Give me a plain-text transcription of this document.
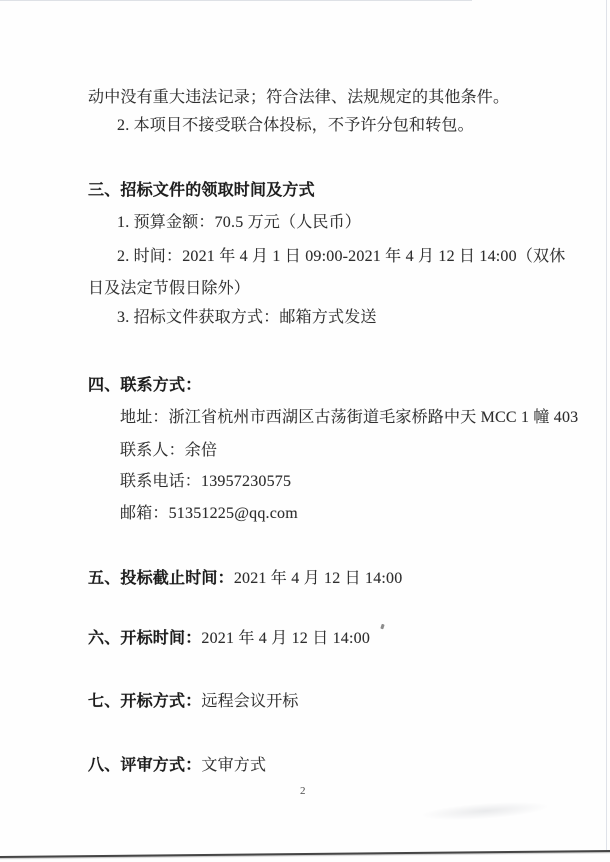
动中没有重大违法记录；符合法律、法规规定的其他条件。
2. 本项目不接受联合体投标，不予许分包和转包。
三、招标文件的领取时间及方式
1. 预算金额：70.5 万元（人民币）
2. 时间：2021 年 4 月 1 日 09:00-2021 年 4 月 12 日 14:00（双休
日及法定节假日除外）
3. 招标文件获取方式：邮箱方式发送
四、联系方式：
地址：浙江省杭州市西湖区古荡街道毛家桥路中天 MCC 1 幢 403
联系人：余倍
联系电话：13957230575
邮箱：51351225@qq.com
五、投标截止时间：2021 年 4 月 12 日 14:00
六、开标时间：2021 年 4 月 12 日 14:00
七、开标方式：远程会议开标
八、评审方式：文审方式
2
